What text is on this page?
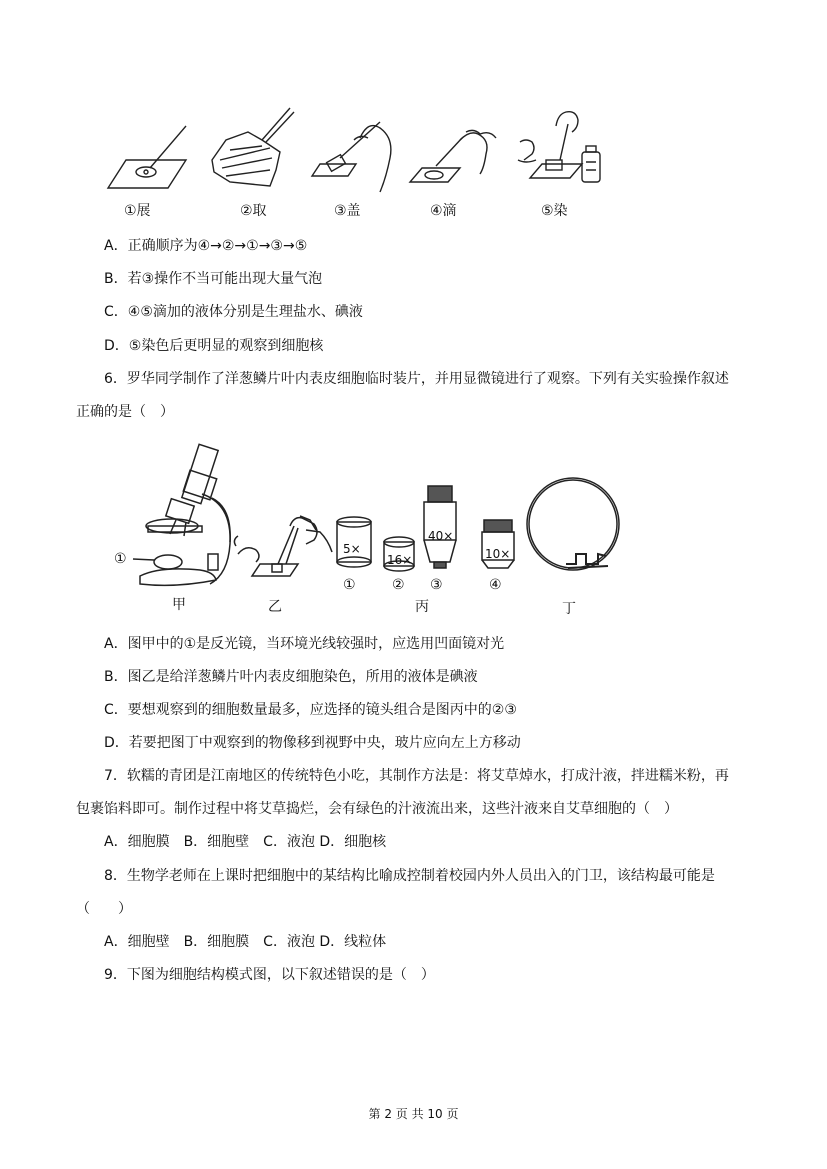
①展	②取	③盖	④滴	⑤染
A．正确顺序为④→②→①→③→⑤
B．若③操作不当可能出现大量气泡
C．④⑤滴加的液体分别是生理盐水、碘液
D．⑤染色后更明显的观察到细胞核
6．罗华同学制作了洋葱鳞片叶内表皮细胞临时装片，并用显微镜进行了观察。下列有关实验操作叙述
正确的是（　）
①
甲	乙	丙	丁
5×
16×
40×
10×
①	② ③	④
A．图甲中的①是反光镜，当环境光线较强时，应选用凹面镜对光
B．图乙是给洋葱鳞片叶内表皮细胞染色，所用的液体是碘液
C．要想观察到的细胞数量最多，应选择的镜头组合是图丙中的②③
D．若要把图丁中观察到的物像移到视野中央，玻片应向左上方移动
7．软糯的青团是江南地区的传统特色小吃，其制作方法是：将艾草焯水，打成汁液，拌进糯米粉，再
包裹馅料即可。制作过程中将艾草捣烂，会有绿色的汁液流出来，这些汁液来自艾草细胞的（　）
A．细胞膜　B．细胞壁　C．液泡 D．细胞核
8．生物学老师在上课时把细胞中的某结构比喻成控制着校园内外人员出入的门卫，该结构最可能是
（　　）
A．细胞壁　B．细胞膜　C．液泡 D．线粒体
9．下图为细胞结构模式图，以下叙述错误的是（　）
第 2 页 共 10 页
